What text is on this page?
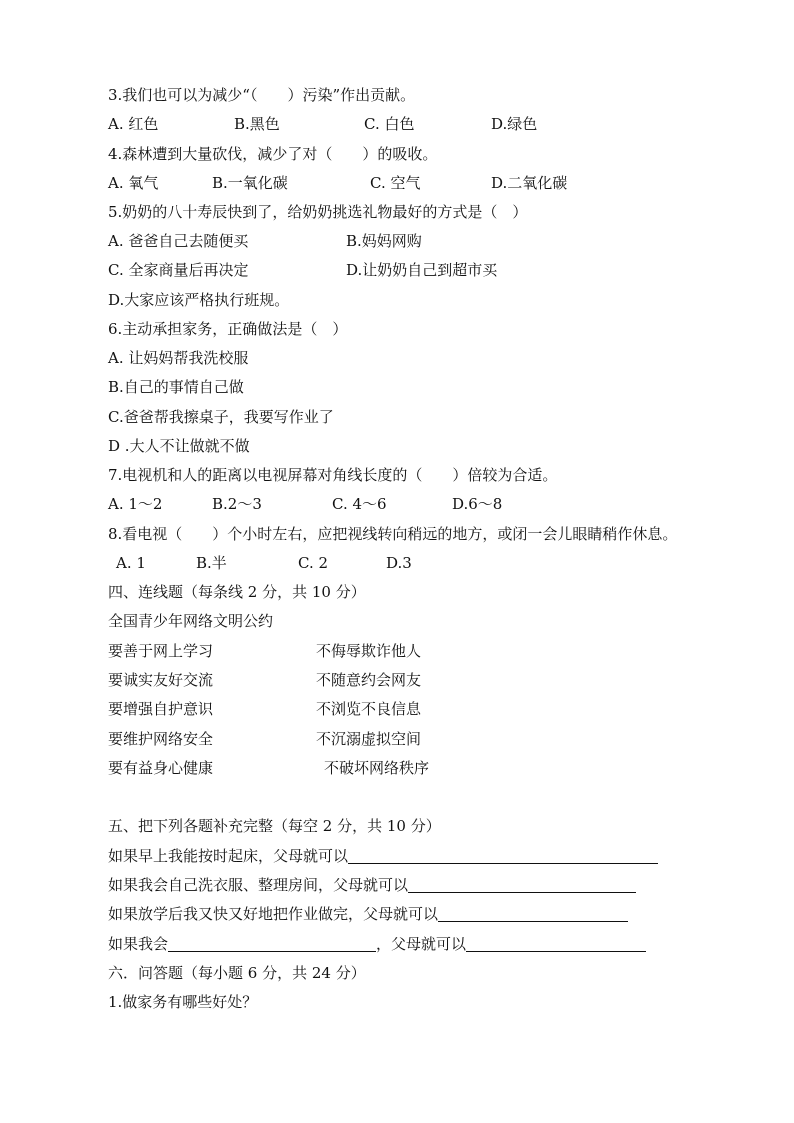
3.我们也可以为减少“（　　）污染”作出贡献。
A. 红色	B.黑色	C. 白色	D.绿色
4.森林遭到大量砍伐，减少了对（　　）的吸收。
A. 氧气	B.一氧化碳	C. 空气	D.二氧化碳
5.奶奶的八十寿辰快到了，给奶奶挑选礼物最好的方式是（　）
A. 爸爸自己去随便买	B.妈妈网购
C. 全家商量后再决定	D.让奶奶自己到超市买
D.大家应该严格执行班规。
6.主动承担家务，正确做法是（　）
A. 让妈妈帮我洗校服
B.自己的事情自己做
C.爸爸帮我擦桌子，我要写作业了
D .大人不让做就不做
7.电视机和人的距离以电视屏幕对角线长度的（　　）倍较为合适。
A. 1～2	B.2～3	C. 4～6	D.6～8
8.看电视（　　）个小时左右，应把视线转向稍远的地方，或闭一会儿眼睛稍作休息。
A. 1	B.半	C. 2	D.3
四、连线题（每条线 2 分，共 10 分）
全国青少年网络文明公约
要善于网上学习	不侮辱欺诈他人
要诚实友好交流	不随意约会网友
要增强自护意识	不浏览不良信息
要维护网络安全	不沉溺虚拟空间
要有益身心健康	不破坏网络秩序
五、把下列各题补充完整（每空 2 分，共 10 分）
如果早上我能按时起床，父母就可以
如果我会自己洗衣服、整理房间，父母就可以
如果放学后我又快又好地把作业做完，父母就可以
如果我会	，父母就可以
六．问答题（每小题 6 分，共 24 分）
1.做家务有哪些好处？
